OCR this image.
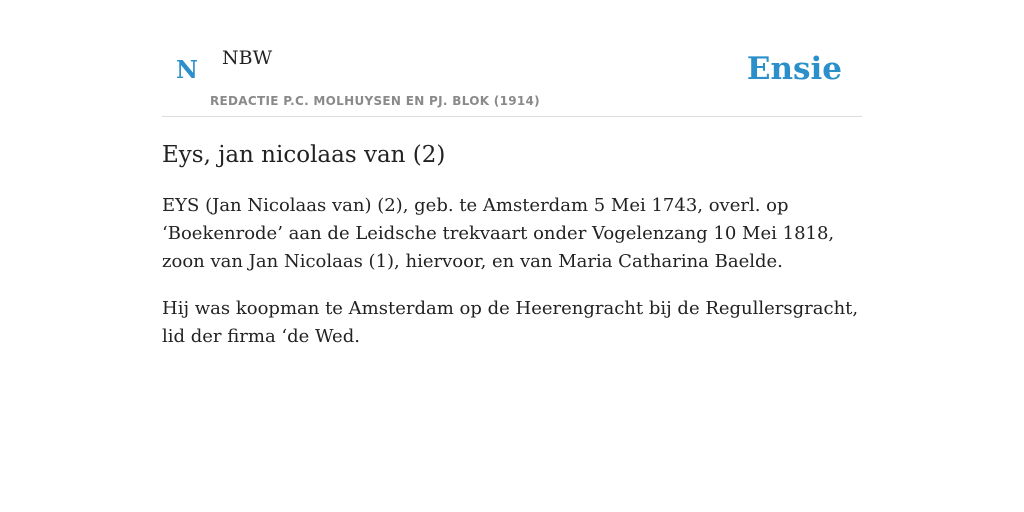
N NBW
REDACTIE P.C. MOLHUYSEN EN PJ. BLOK (1914)
Ensie
Eys, jan nicolaas van (2)

EYS (Jan Nicolaas van) (2), geb. te Amsterdam 5 Mei 1743, overl. op ‘Boekenrode’ aan de Leidsche trekvaart onder Vogelenzang 10 Mei 1818, zoon van Jan Nicolaas (1), hiervoor, en van Maria Catharina Baelde.

Hij was koopman te Amsterdam op de Heerengracht bij de Regullersgracht, lid der firma ‘de Wed.
